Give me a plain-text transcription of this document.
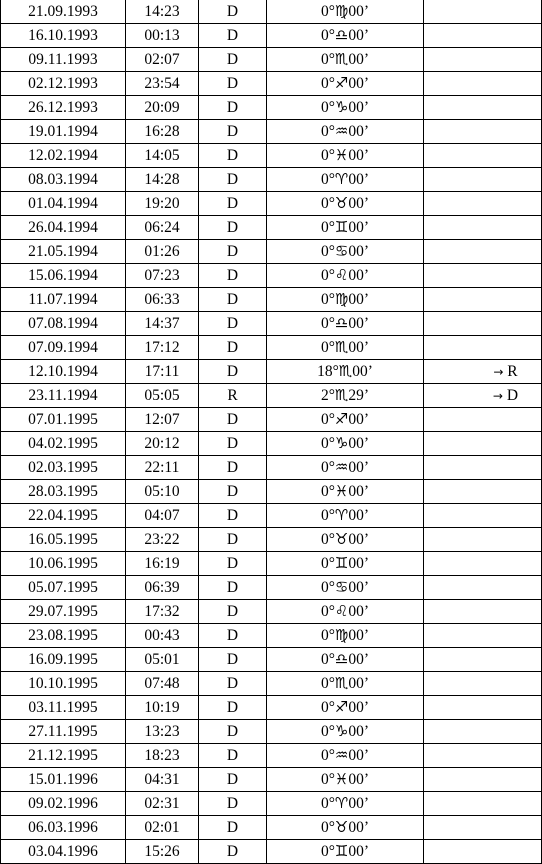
21.09.1993	14:23	D	0°♍00’	
16.10.1993	00:13	D	0°♎00’	
09.11.1993	02:07	D	0°♏00’	
02.12.1993	23:54	D	0°♐00’	
26.12.1993	20:09	D	0°♑00’	
19.01.1994	16:28	D	0°♒00’	
12.02.1994	14:05	D	0°♓00’	
08.03.1994	14:28	D	0°♈00’	
01.04.1994	19:20	D	0°♉00’	
26.04.1994	06:24	D	0°♊00’	
21.05.1994	01:26	D	0°♋00’	
15.06.1994	07:23	D	0°♌00’	
11.07.1994	06:33	D	0°♍00’	
07.08.1994	14:37	D	0°♎00’	
07.09.1994	17:12	D	0°♏00’	
12.10.1994	17:11	D	18°♏00’	→ R
23.11.1994	05:05	R	2°♏29’	→ D
07.01.1995	12:07	D	0°♐00’	
04.02.1995	20:12	D	0°♑00’	
02.03.1995	22:11	D	0°♒00’	
28.03.1995	05:10	D	0°♓00’	
22.04.1995	04:07	D	0°♈00’	
16.05.1995	23:22	D	0°♉00’	
10.06.1995	16:19	D	0°♊00’	
05.07.1995	06:39	D	0°♋00’	
29.07.1995	17:32	D	0°♌00’	
23.08.1995	00:43	D	0°♍00’	
16.09.1995	05:01	D	0°♎00’	
10.10.1995	07:48	D	0°♏00’	
03.11.1995	10:19	D	0°♐00’	
27.11.1995	13:23	D	0°♑00’	
21.12.1995	18:23	D	0°♒00’	
15.01.1996	04:31	D	0°♓00’	
09.02.1996	02:31	D	0°♈00’	
06.03.1996	02:01	D	0°♉00’	
03.04.1996	15:26	D	0°♊00’	
